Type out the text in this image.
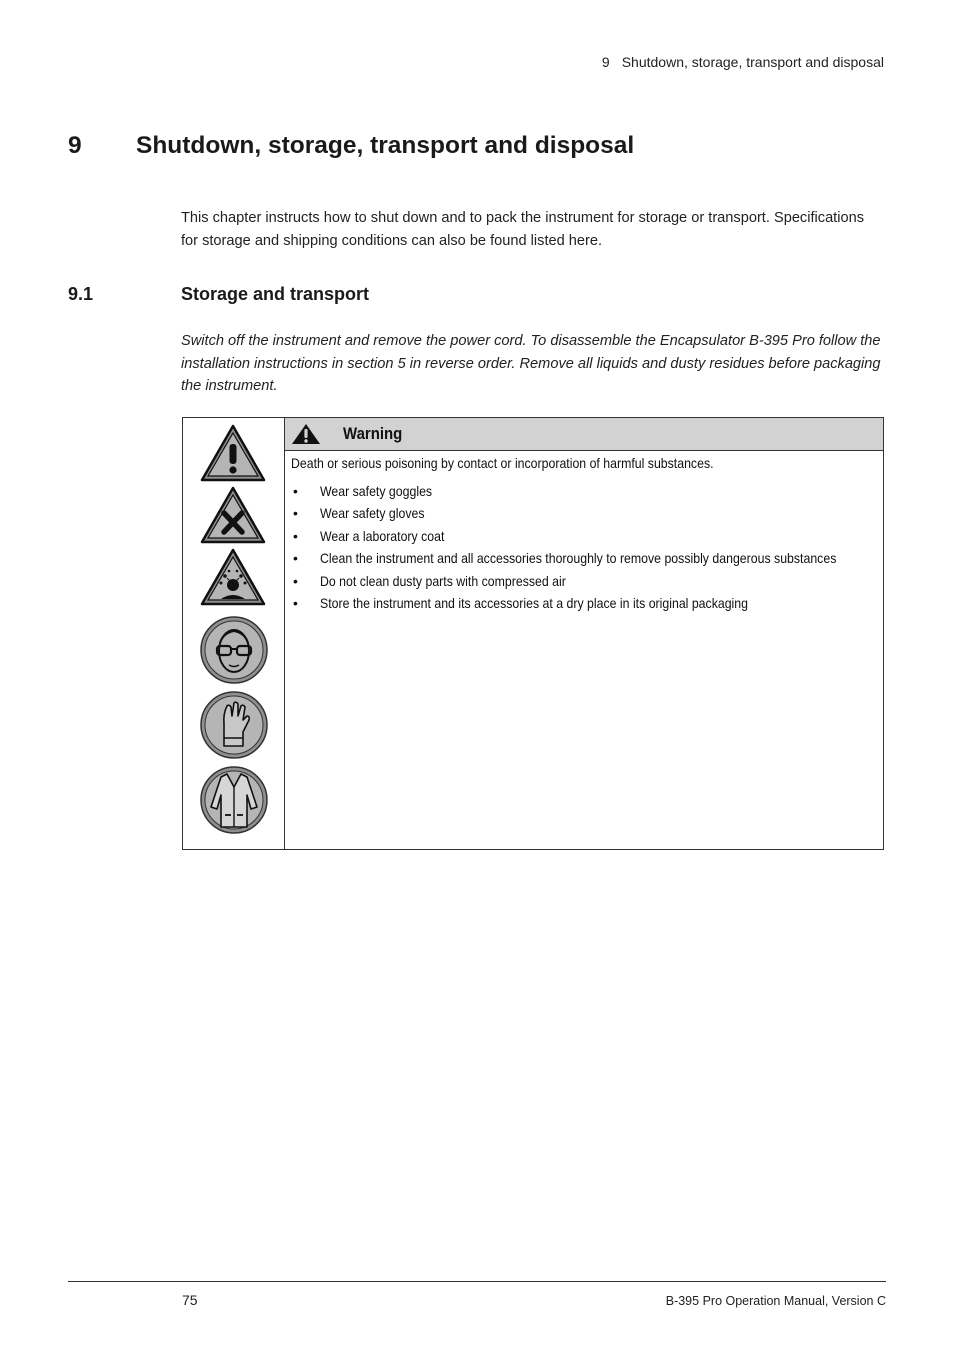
9 Shutdown, storage, transport and disposal
9 Shutdown, storage, transport and disposal

This chapter instructs how to shut down and to pack the instrument for storage or transport. Specifications for storage and shipping conditions can also be found listed here.

9.1	Storage and transport

Switch off the instrument and remove the power cord. To disassemble the Encapsulator B-395 Pro follow the installation instructions in section 5 in reverse order. Remove all liquids and dusty residues before packaging the instrument.

Warning

Death or serious poisoning by contact or incorporation of harmful substances.

• Wear safety goggles
• Wear safety gloves
• Wear a laboratory coat
• Clean the instrument and all accessories thoroughly to remove possibly dangerous substances
• Do not clean dusty parts with compressed air
• Store the instrument and its accessories at a dry place in its original packaging
75	B-395 Pro Operation Manual, Version C
